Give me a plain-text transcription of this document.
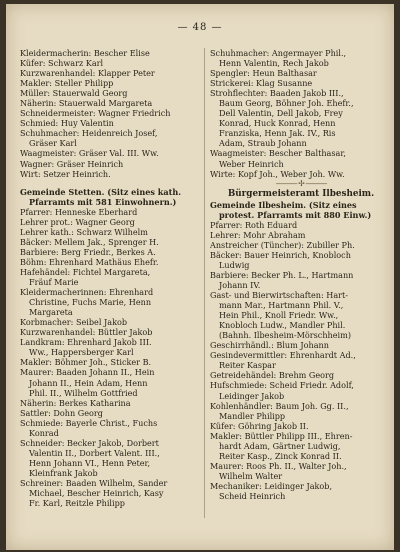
— 48 —
Kleidermacherin: Bescher Elise
Küfer: Schwarz Karl
Kurzwarenhandel: Klapper Peter
Makler: Steller Philipp
Müller: Stauerwald Georg
Näherin: Stauerwald Margareta
Schneidermeister: Wagner Friedrich
Schmied: Huy Valentin
Schuhmacher: Heidenreich Josef,
Gräser Karl
Waagmeister: Gräser Val. III. Ww.
Wagner: Gräser Heinrich
Wirt: Setzer Heinrich.
Gemeinde Stetten. (Sitz eines kath.
Pfarramts mit 581 Einwohnern.)
Pfarrer: Henneske Eberhard
Lehrer prot.: Wagner Georg
Lehrer kath.: Schwarz Wilhelm
Bäcker: Mellem Jak., Sprenger H.
Barbiere: Berg Friedr., Berkes A.
Böhm: Ehrenhard Mathäus Ehefr.
Hafehändel: Fichtel Margareta,
Fräuf Marie
Kleidermacherinnen: Ehrenhard
Christine, Fuchs Marie, Henn
Margareta
Korbmacher: Seibel Jakob
Kurzwarenhandel: Büttler Jakob
Landkram: Ehrenhard Jakob III.
Ww., Happersberger Karl
Makler: Böhmer Joh., Sticker B.
Maurer: Baaden Johann II., Hein
Johann II., Hein Adam, Henn
Phil. II., Wilhelm Gottfried
Näherin: Berkes Katharina
Sattler: Dohn Georg
Schmiede: Bayerle Christ., Fuchs
Konrad
Schneider: Becker Jakob, Dorbert
Valentin II., Dorbert Valent. III.,
Henn Johann VI., Henn Peter,
Kleinfrank Jakob
Schreiner: Baaden Wilhelm, Sander
Michael, Bescher Heinrich, Kasy
Fr. Karl, Reitzle Philipp
Schuhmacher: Angermayer Phil.,
Henn Valentin, Rech Jakob
Spengler: Heun Balthasar
Strickerei: Klag Susanne
Strohflechter: Baaden Jakob III.,
Baum Georg, Böhner Joh. Ehefr.,
Dell Valentin, Dell Jakob, Frey
Konrad, Huck Konrad, Henn
Franziska, Henn Jak. IV., Ris
Adam, Straub Johann
Waagmeister: Bescher Balthasar,
Weber Heinrich
Wirte: Kopf Joh., Weber Joh. Ww.
——— ✢ ———
Bürgermeisteramt Ilbesheim.
Gemeinde Ilbesheim. (Sitz eines
protest. Pfarramts mit 880 Einw.)
Pfarrer: Roth Eduard
Lehrer: Mohr Abraham
Anstreicher (Tüncher): Zubiller Ph.
Bäcker: Bauer Heinrich, Knobloch
Ludwig
Barbiere: Becker Ph. L., Hartmann
Johann IV.
Gast- und Bierwirtschaften: Hart-
mann Mar., Hartmann Phil. V.,
Hein Phil., Knoll Friedr. Ww.,
Knobloch Ludw., Mandler Phil.
(Bahnh. Ilbesheim-Mörschheim)
Geschirrhändl.: Blum Johann
Gesindevermittler: Ehrenhardt Ad.,
Reiter Kaspar
Getreidehändel: Brehm Georg
Hufschmiede: Scheid Friedr. Adolf,
Leidinger Jakob
Kohlenhändler: Baum Joh. Gg. II.,
Mandler Philipp
Küfer: Göhring Jakob II.
Makler: Büttler Philipp III., Ehren-
hardt Adam, Gärtner Ludwig,
Reiter Kasp., Zinck Konrad II.
Maurer: Roos Ph. II., Walter Joh.,
Wilhelm Walter
Mechaniker: Leidinger Jakob,
Scheid Heinrich
